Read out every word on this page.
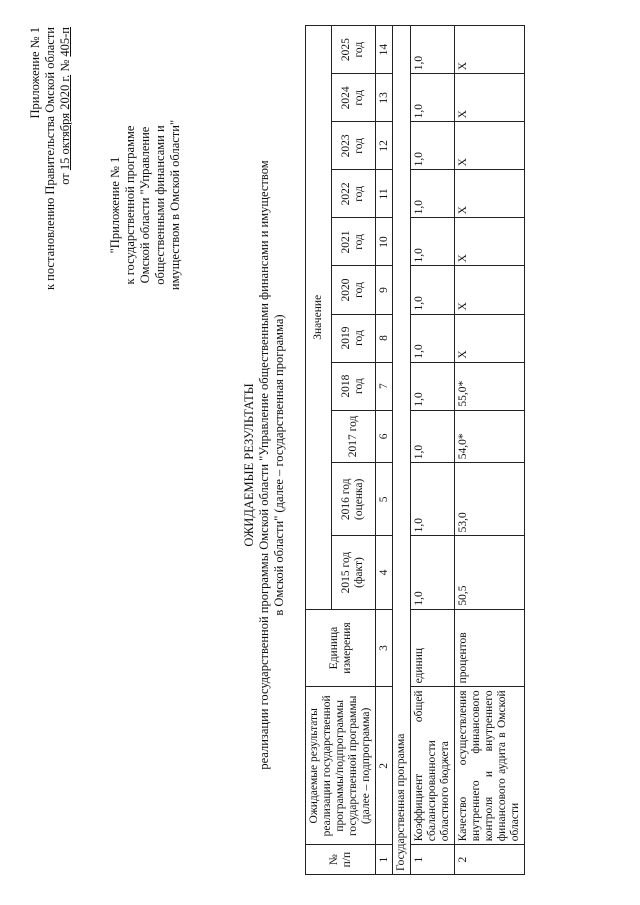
Приложение № 1 к постановлению Правительства Омской области от 15 октября 2020 г. № 405-п
"Приложение № 1 к государственной программе Омской области "Управление общественными финансами и имуществом в Омской области"
ОЖИДАЕМЫЕ РЕЗУЛЬТАТЫ реализации государственной программы Омской области "Управление общественными финансами и имуществом в Омской области" (далее – государственная программа)
№ п/п	Ожидаемые результаты реализации государственной программы/подпрограммы государственной программы (далее – подпрограмма)	Единица измерения	Значение										
			2015 год (факт)	2016 год (оценка)	2017 год	2018 год	2019 год	2020 год	2021 год	2022 год	2023 год	2024 год	2025 год
1	2	3	4	5	6	7	8	9	10	11	12	13	14
Государственная программа													
1	Коэффициент общей сбалансированности областного бюджета	единиц	1,0	1,0	1,0	1,0	1,0	1,0	1,0	1,0	1,0	1,0	1,0
2	Качество осуществления внутреннего финансового контроля и внутреннего финансового аудита в Омской области	процентов	50,5	53,0	54,0*	55,0*	X	X	X	X	X	X	X
